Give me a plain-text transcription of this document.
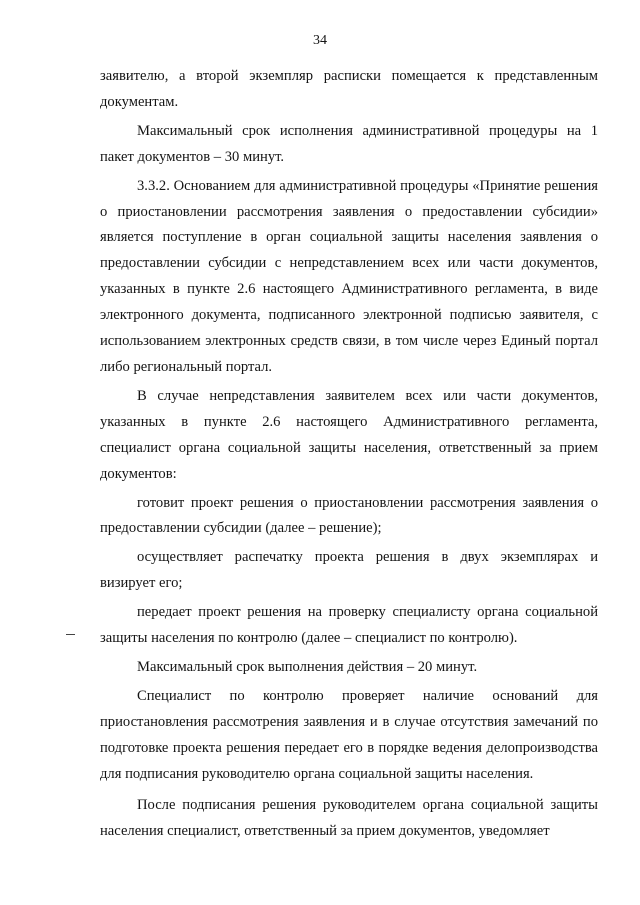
34

заявителю, а второй экземпляр расписки помещается к представленным документам.

Максимальный срок исполнения административной процедуры на 1 пакет документов – 30 минут.

3.3.2. Основанием для административной процедуры «Принятие решения о приостановлении рассмотрения заявления о предоставлении субсидии» является поступление в орган социальной защиты населения заявления о предоставлении субсидии с непредставлением всех или части документов, указанных в пункте 2.6 настоящего Административного регламента, в виде электронного документа, подписанного электронной подписью заявителя, с использованием электронных средств связи, в том числе через Единый портал либо региональный портал.

В случае непредставления заявителем всех или части документов, указанных в пункте 2.6 настоящего Административного регламента, специалист органа социальной защиты населения, ответственный за прием документов:

готовит проект решения о приостановлении рассмотрения заявления о предоставлении субсидии (далее – решение);

осуществляет распечатку проекта решения в двух экземплярах и визирует его;

передает проект решения на проверку специалисту органа социальной защиты населения по контролю (далее – специалист по контролю).

Максимальный срок выполнения действия – 20 минут.

Специалист по контролю проверяет наличие оснований для приостановления рассмотрения заявления и в случае отсутствия замечаний по подготовке проекта решения передает его в порядке ведения делопроизводства для подписания руководителю органа социальной защиты населения.

После подписания решения руководителем органа социальной защиты населения специалист, ответственный за прием документов, уведомляет
